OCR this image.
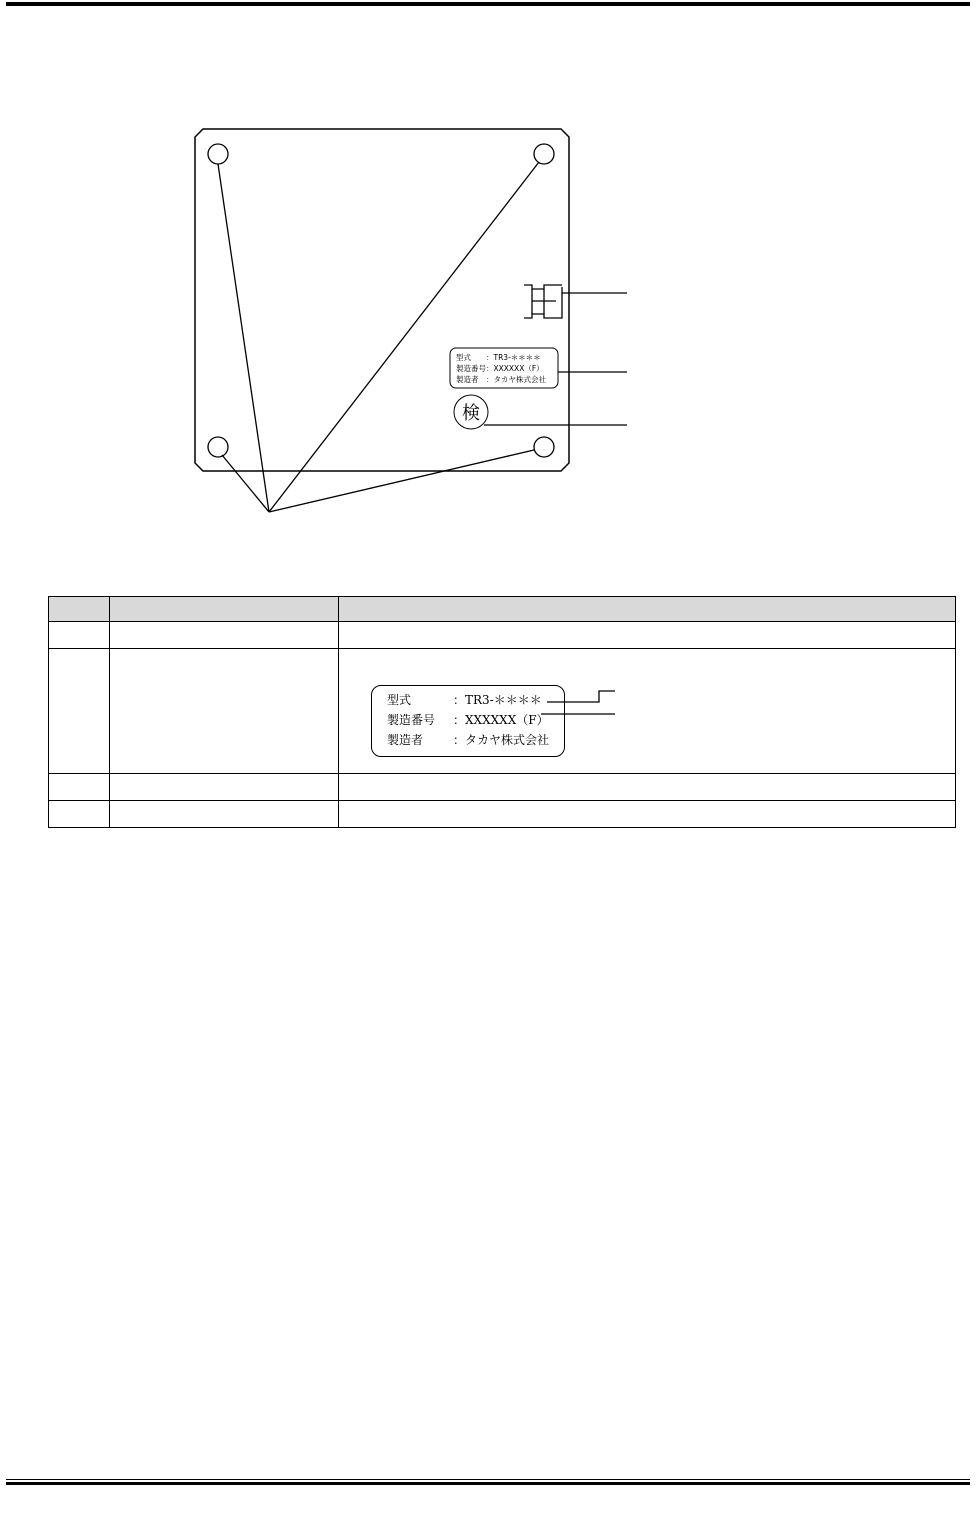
型式　　：TR3-＊＊＊＊
製造番号：XXXXXX（F）
製造者　：タカヤ株式会社
検

		型式 ：TR3-＊＊＊＊
製造番号 ：XXXXXX（F）
製造者 ：タカヤ株式会社
